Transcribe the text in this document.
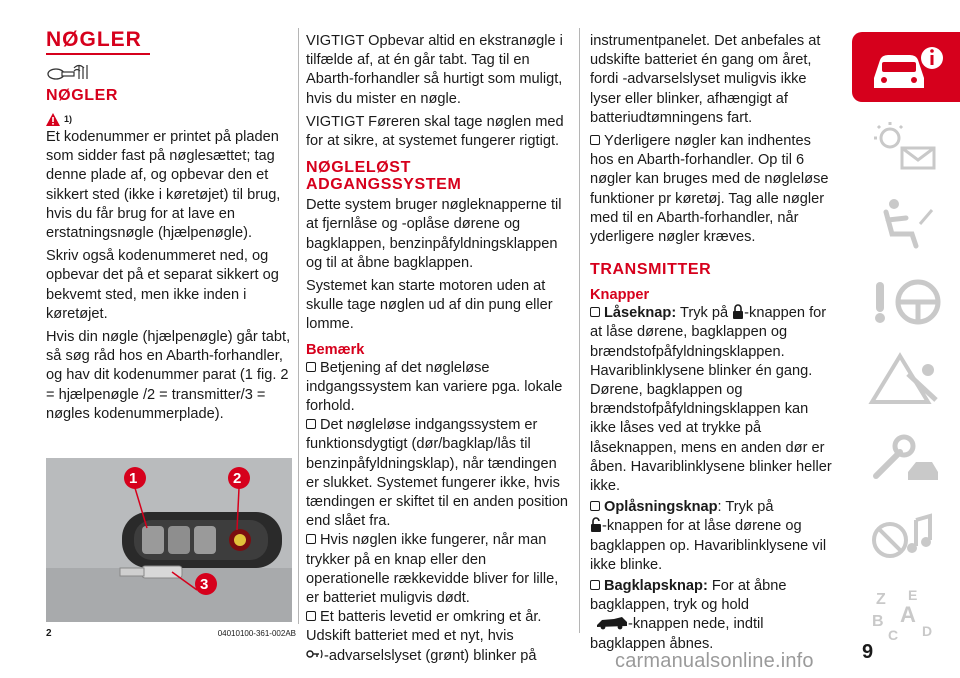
NØGLER
NØGLER
$^{1)}$

Et kodenummer er printet på pladen som sidder fast på nøglesættet; tag denne plade af, og opbevar den et sikkert sted (ikke i køretøjet) til brug, hvis du får brug for at lave en erstatningsnøgle (hjælpenøgle).

Skriv også kodenummeret ned, og opbevar det på et separat sikkert og bekvemt sted, men ikke inden i køretøjet.

Hvis din nøgle (hjælpenøgle) går tabt, så søg råd hos en Abarth-forhandler, og hav dit kodenummer parat (1 fig. 2 = hjælpenøgle /2 = transmitter/3 = nøgles kodenummerplade).

1	2
3
2	04010100-361-002AB

VIGTIGT Opbevar altid en ekstranøgle i tilfælde af, at én går tabt. Tag til en Abarth-forhandler så hurtigt som muligt, hvis du mister en nøgle.

VIGTIGT Føreren skal tage nøglen med for at sikre, at systemet fungerer rigtigt.

NØGLELØST
ADGANGSSYSTEM

Dette system bruger nøgleknapperne til at fjernlåse og -oplåse dørene og bagklappen, benzinpåfyldningsklappen og til at åbne bagklappen.

Systemet kan starte motoren uden at skulle tage nøglen ud af din pung eller lomme.

Bemærk
Betjening af det nøgleløse indgangssystem kan variere pga. lokale forhold.
Det nøgleløse indgangssystem er funktionsdygtigt (dør/bagklap/lås til benzinpåfyldningsklap), når tændingen er slukket. Systemet fungerer ikke, hvis tændingen er skiftet til en anden position end slået fra.
Hvis nøglen ikke fungerer, når man trykker på en knap eller den operationelle rækkevidde bliver for lille, er batteriet muligvis dødt.
Et batteris levetid er omkring et år. Udskift batteriet med et nyt, hvis
-advarselslyset (grønt) blinker på

instrumentpanelet. Det anbefales at udskifte batteriet én gang om året, fordi -advarselslyset muligvis ikke lyser eller blinker, afhængigt af batteriudtømningens fart.

Yderligere nøgler kan indhentes hos en Abarth-forhandler. Op til 6 nøgler kan bruges med de nøgleløse funktioner pr køretøj. Tag alle nøgler med til en Abarth-forhandler, når yderligere nøgler kræves.
TRANSMITTER
Knapper
Låseknap: Tryk på -knappen for at låse dørene, bagklappen og brændstofpåfyldningsklappen. Havariblinklysene blinker én gang. Dørene, bagklappen og brændstofpåfyldningsklappen kan ikke låses ved at trykke på låseknappen, mens en anden dør er åben. Havariblinklysene blinker heller ikke.
Oplåsningsknap: Tryk på
-knappen for at låse dørene og bagklappen op. Havariblinklysene vil ikke blinke.
Bagklapsknap: For at åbne bagklappen, tryk og hold
-knappen nede, indtil bagklappen åbnes.
Z E
B A
C D
9
carmanualsonline.info
